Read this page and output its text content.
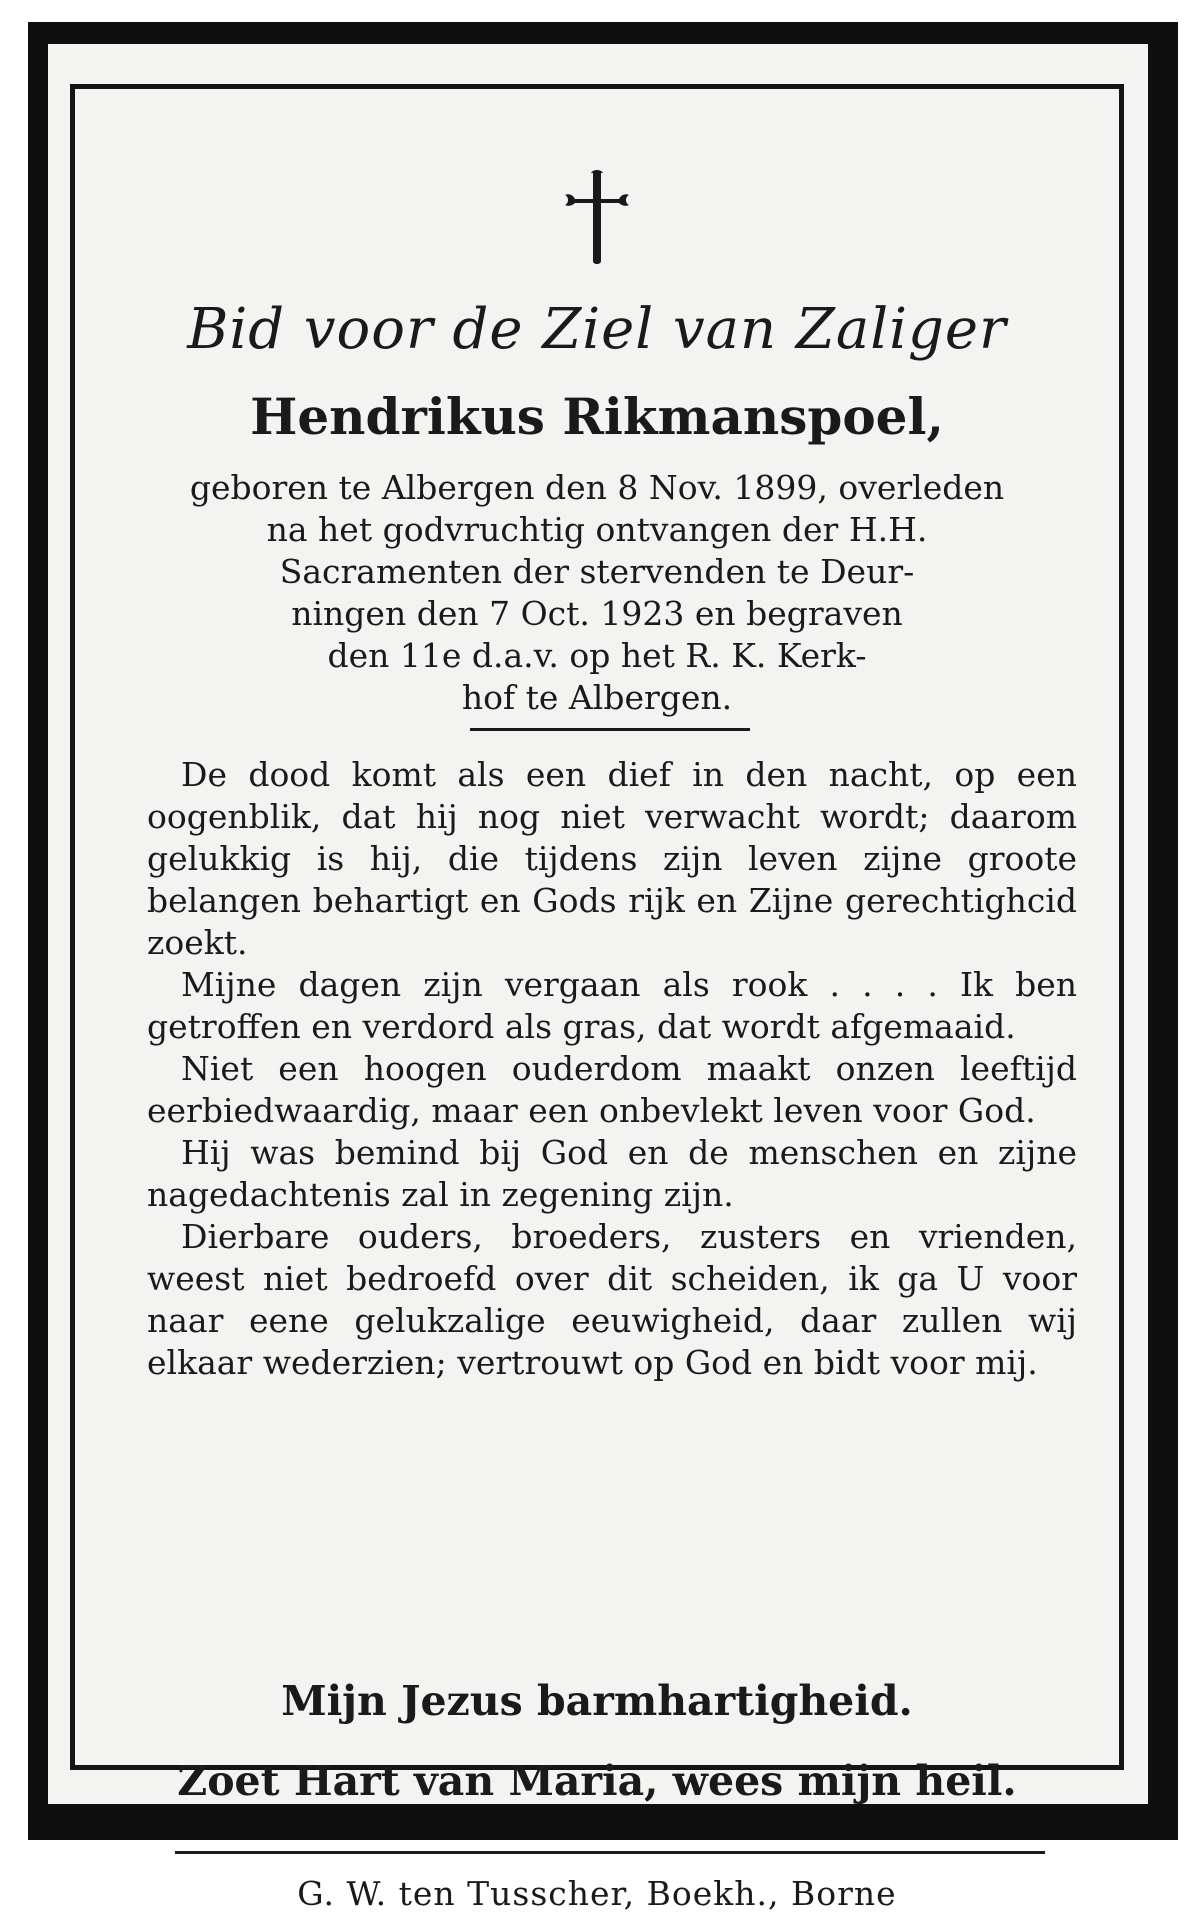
Bid voor de Ziel van Zaliger
Hendrikus Rikmanspoel,
geboren te Albergen den 8 Nov. 1899, overleden
na het godvruchtig ontvangen der H.H.
Sacramenten der stervenden te Deur-
ningen den 7 Oct. 1923 en begraven
den 11e d.a.v. op het R. K. Kerk-
hof te Albergen.

De dood komt als een dief in den nacht, op een oogenblik, dat hij nog niet verwacht wordt; daarom gelukkig is hij, die tijdens zijn leven zijne groote belangen behartigt en Gods rijk en Zijne gerechtighcid zoekt.

Mijne dagen zijn vergaan als rook . . . . Ik ben getroffen en verdord als gras, dat wordt afgemaaid.

Niet een hoogen ouderdom maakt onzen leeftijd eerbiedwaardig, maar een onbevlekt leven voor God.

Hij was bemind bij God en de menschen en zijne nagedachtenis zal in zegening zijn.

Dierbare ouders, broeders, zusters en vrienden, weest niet bedroefd over dit scheiden, ik ga U voor naar eene gelukzalige eeuwigheid, daar zullen wij elkaar wederzien; vertrouwt op God en bidt voor mij.

Mijn Jezus barmhartigheid.
Zoet Hart van Maria, wees mijn heil.
G. W. ten Tusscher, Boekh., Borne
